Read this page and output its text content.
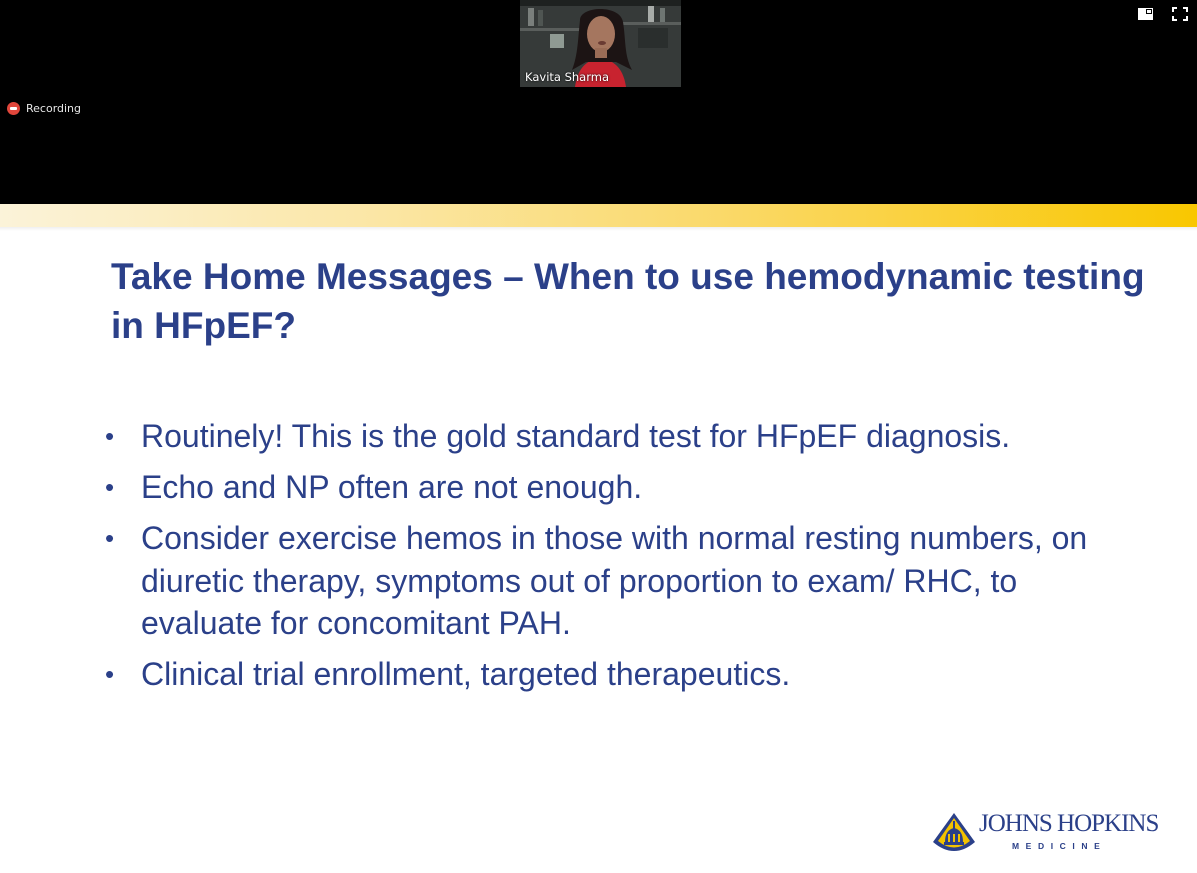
Kavita Sharma
Recording
Take Home Messages – When to use hemodynamic testing in HFpEF?
• Routinely! This is the gold standard test for HFpEF diagnosis.
• Echo and NP often are not enough.
• Consider exercise hemos in those with normal resting numbers, on diuretic therapy, symptoms out of proportion to exam/ RHC, to evaluate for concomitant PAH.
• Clinical trial enrollment, targeted therapeutics.
JOHNS HOPKINS
MEDICINE
